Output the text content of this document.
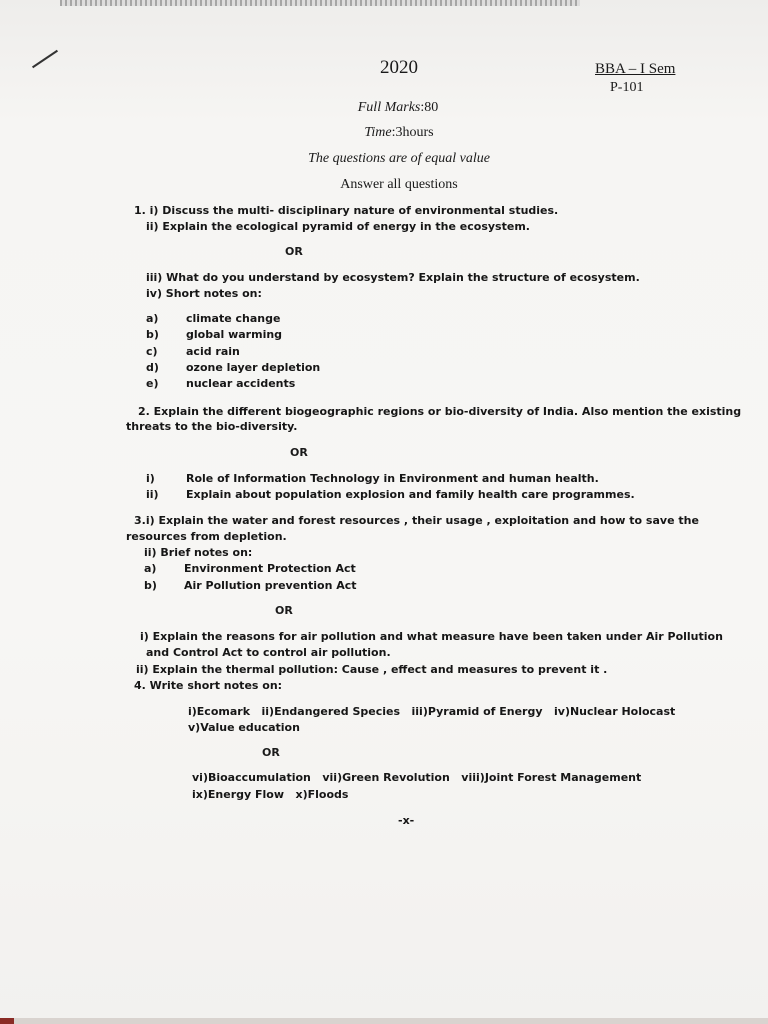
2020	BBA – I Sem
P-101
Full Marks:80
Time:3hours
The questions are of equal value
Answer all questions
1. i) Discuss the multi- disciplinary nature of environmental studies.
ii) Explain the ecological pyramid of energy in the ecosystem.
OR
iii) What do you understand by ecosystem? Explain the structure of ecosystem.
iv) Short notes on:
a)	climate change
b) global warming
c)	acid rain
d) ozone layer depletion
e)	nuclear accidents
2. Explain the different biogeographic regions or bio-diversity of India. Also mention the existing
threats to the bio-diversity.
OR
i)	Role of Information Technology in Environment and human health.
ii) Explain about population explosion and family health care programmes.
3.i) Explain the water and forest resources , their usage , exploitation and how to save the
resources from depletion.
ii) Brief notes on:
a)	Environment Protection Act
b) Air Pollution prevention Act
OR
i) Explain the reasons for air pollution and what measure have been taken under Air Pollution
and Control Act to control air pollution.
ii) Explain the thermal pollution: Cause , effect and measures to prevent it .
4. Write short notes on:
i)Ecomark   ii)Endangered Species   iii)Pyramid of Energy   iv)Nuclear Holocast
v)Value education
OR
vi)Bioaccumulation   vii)Green Revolution   viii)Joint Forest Management
ix)Energy Flow   x)Floods
-x-
